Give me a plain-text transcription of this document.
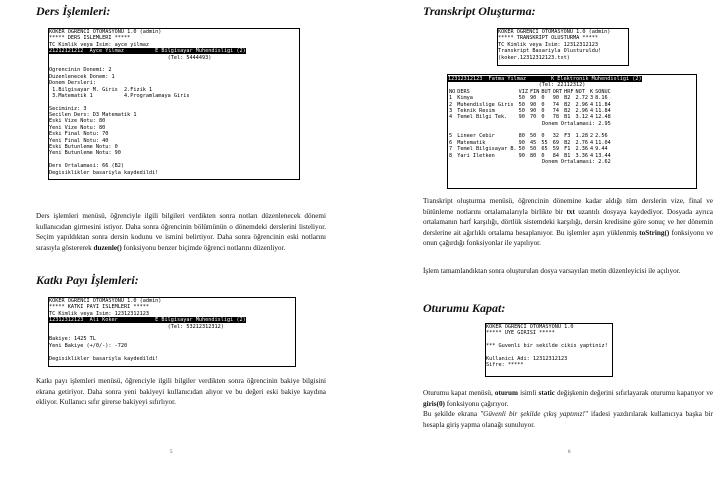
Ders İşlemleri:
KOKER OGRENCI OTOMASYONU 1.0 (admin)
***** DERS ISLEMLERI *****
TC Kimlik veya Isim: ayce yilmaz
21212121212  Ayce Yilmaz          E Bilgisayar Muhendisligi (2)
(Tel: 5444493)
Ogrencinin Donemi: 2
Duzenlenecek Donem: 1
Donem Dersleri:
1.Bilgisayar M. Giris  2.Fizik 1
3.Matematik 1          4.Programlamaya Giris
Seciminiz: 3
Secilen Ders: D3 Matematik 1
Eski Vize Notu: 80
Yeni Vize Notu: 80
Eski Final Notu: 70
Yeni Final Notu: 40
Eski Butunleme Notu: 0
Yeni Butunleme Notu: 90
Ders Ortalamasi: 66 (B2)
Degisiklikler basariyla kaydedildi!

Ders işlemleri menüsü, öğrenciyle ilgili bilgileri verdikten sonra notları düzenlenecek dönemi kullanıcıdan girmesini istiyor. Daha sonra öğrencinin bölümünün o dönemdeki derslerini listeliyor. Seçim yapıldıktan sonra dersin kodunu ve ismini belirtiyor. Daha sonra öğrencinin eski notlarını sırasıyla göstererek duzenle() fonksiyonu benzer biçimde öğrenci notlarını düzenliyor.

Katkı Payı İşlemleri:
KOKER OGRENCI OTOMASYONU 1.0 (admin)
***** KATKI PAYI ISLEMLERI *****
TC Kimlik veya Isim: 12312312123
12312312123  Ali Koker            E Bilgisayar Muhendisligi (2)
(Tel: 53212312312)
Bakiye: 1425 TL
Yeni Bakiye (+/0/-): -720
Degisiklikler basariyla kaydedildi!
Katkı payı işlemleri menüsü, öğrenciyle ilgili bilgiler verdikten sonra öğrencinin bakiye bilgisini ekrana getiriyor. Daha sonra yeni bakiyeyi kullanıcıdan alıyor ve bu değeri eski bakiye kaydına ekliyor. Kullanıcı sıfır girerse bakiyeyi sıfırlıyor.
5
Transkript Oluşturma:
KOKER OGRENCI OTOMASYONU 1.0 (admin)
***** TRANSKRIPT OLUSTURMA *****
TC Kimlik veya Isim: 12312312123
Transkript Basariyla Olusturuldu!
(koker.12312312123.txt)
12312312123  Fatma Yilmaz        K Elektronik Muhendisligi (2)
(Tel: 22112312)
NO	DERS	VIZ	FIN	BUT	ORT	HRF	NOT	K	SONUC
1	Kimya	50	90	0	90	B2	2.72	3	8.16
2	Muhendislige Giris	50	90	0	74	B2	2.96	4	11.84
3	Teknik Resim	50	90	0	74	B2	2.96	4	11.84
4	Temel Bilgi Tek.	90	70	0	78	B1	3.12	4	12.48
Donem Ortalamasi: 2.95									

5	Lineer Cebir	80	50	0	32	F3	1.28	2	2.56
6	Matematik	90	45	55	69	B2	2.76	4	11.04
7	Temel Bilgisayar B.	50	50	65	59	F1	2.36	4	9.44
8	Yari Iletken	90	80	0	84	B1	3.36	4	13.44
Donem Ortalamasi: 2.62									

Transkript oluşturma menüsü, öğrencinin dönemine kadar aldığı tüm derslerin vize, final ve bütünleme notlarını ortalamalarıyla birlikte bir txt uzantılı dosyaya kaydediyor. Dosyada ayrıca ortalamanın harf karşılığı, dörtlük sistemdeki karşılığı, dersin kredisine göre sonuç ve her dönemin derslerine ait ağırlıklı ortalama hesaplanıyor. Bu işlemler aşırı yüklenmiş toString() fonksiyonu ve onun çağırdığı fonksiyonlar ile yapılıyor.

İşlem tamamlandıktan sonra oluşturulan dosya varsayılan metin düzenleyicisi ile açılıyor.
Oturumu Kapat:
KOKER OGRENCI OTOMASYONU 1.0
***** UYE GIRISI *****
*** Guvenli bir sekilde cikis yaptiniz!
Kullanici Adi: 12312312123
Sifre: *****

Oturumu kapat menüsü, oturum isimli static değişkenin değerini sıfırlayarak oturumu kapatıyor ve giris(0) fonksiyonu çağırıyor.

Bu şekilde ekrana "Güvenli bir şekilde çıkış yaptınız!" ifadesi yazdırılarak kullanıcıya başka bir hesapla giriş yapma olanağı sunuluyor.

6
